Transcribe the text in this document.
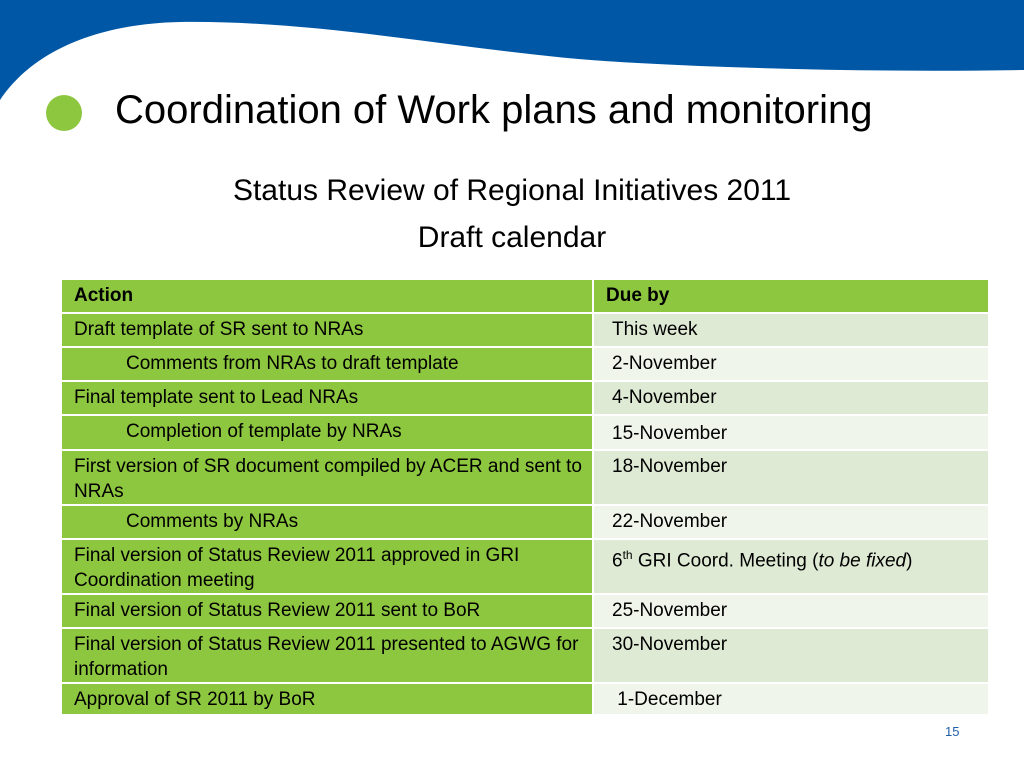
Coordination of Work plans and monitoring
Status Review of Regional Initiatives 2011
Draft calendar
Action	Due by
Draft template of SR sent to NRAs	This week
Comments from NRAs to draft template	2-November
Final template sent to Lead NRAs	4-November
Completion of template by NRAs	15-November
First version of SR document compiled by ACER and sent to NRAs	18-November
Comments by NRAs	22-November
Final version of Status Review 2011 approved in GRI Coordination meeting	6th GRI Coord. Meeting (to be fixed)
Final version of Status Review 2011 sent to BoR	25-November
Final version of Status Review 2011 presented to AGWG for information	30-November
Approval of SR 2011 by BoR	1-December
15
